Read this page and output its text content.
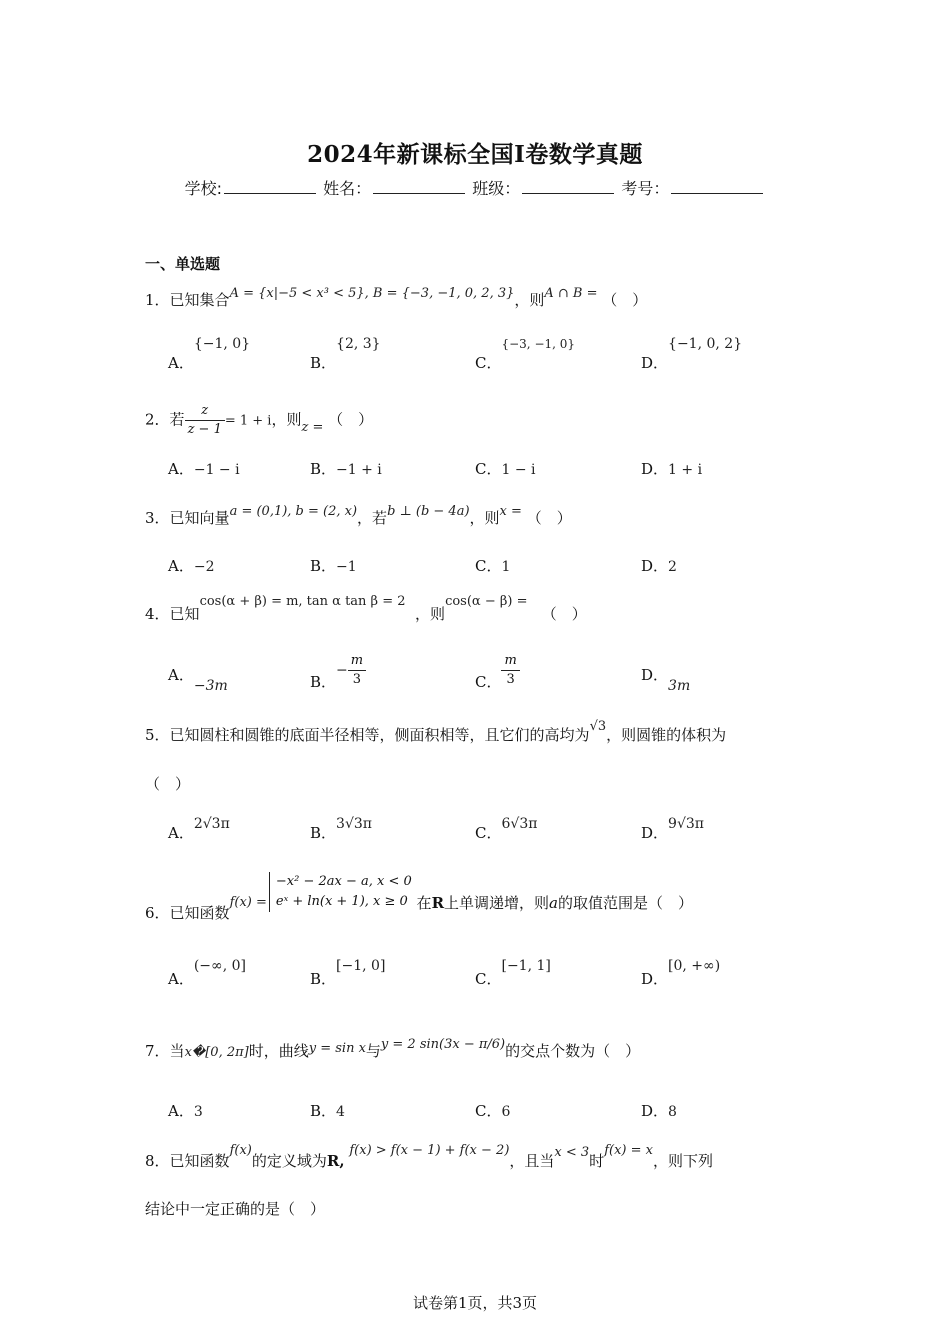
2024年新课标全国Ⅰ卷数学真题
学校:	姓名：	班级：	考号：
一、单选题
1．已知集合A = {x|−5 < x³ < 5}, B = {−3, −1, 0, 2, 3}，则A ∩ B = （　）
A．{−1, 0}
B．{2, 3}
C．$^{\{-3, -1, 0\}}$
D．{−1, 0, 2}
2．若 $\frac{z}{z - 1} = 1 + i$，则z = （　）
A．−1 − i	B．−1 + i	C．1 − i	D．1 + i
3．已知向量a = (0,1), b = (2, x)，若b ⊥ (b − 4a)，则x = （　）
A．−2	B．−1	C．1	D．2
4．已知cos(α + β) = m, tan α tan β = 2  ，则cos(α − β) =   （　）
A．−3m	B．− $\frac{m}{3}$	C． $\frac{m}{3}$	D．3m
5．已知圆柱和圆锥的底面半径相等，侧面积相等，且它们的高均为√3，则圆锥的体积为
（　）
A．2√3π	B．3√3π	C．6√3π	D．9√3π
6．已知函数f(x) =
−x² − 2ax − a, x < 0
eˣ + ln(x + 1), x ≥ 0 在R上单调递增，则a的取值范围是（　）
A．(−∞, 0]
B．[−1, 0]
C．[−1, 1]
D．[0, +∞)
7．当x�[0, 2π]时，曲线y = sin x与y = 2 sin(3x − π/6)的交点个数为（　）
A．3	B．4	C．6	D．8
8．已知函数f(x)的定义域为R, f(x) > f(x − 1) + f(x − 2)，且当x < 3时f(x) = x，则下列
结论中一定正确的是（　）
试卷第1页，共3页
